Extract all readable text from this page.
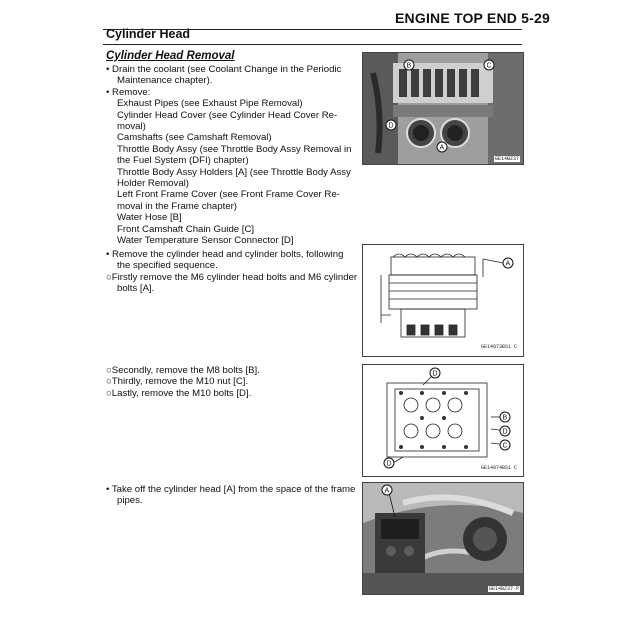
ENGINE TOP END 5-29
Cylinder Head
Cylinder Head Removal
• Drain the coolant (see Coolant Change in the Periodic
Maintenance chapter).
• Remove:
Exhaust Pipes (see Exhaust Pipe Removal)
Cylinder Head Cover (see Cylinder Head Cover Re-
moval)
Camshafts (see Camshaft Removal)
Throttle Body Assy (see Throttle Body Assy Removal in
the Fuel System (DFI) chapter)
Throttle Body Assy Holders [A] (see Throttle Body Assy
Holder Removal)
Left Front Frame Cover (see Front Frame Cover Re-
moval in the Frame chapter)
Water Hose [B]
Front Camshaft Chain Guide [C]
Water Temperature Sensor Connector [D]
• Remove the cylinder head and cylinder bolts, following
the specified sequence.
○Firstly remove the M6 cylinder head bolts and M6 cylinder
bolts [A].
○Secondly, remove the M8 bolts [B].
○Thirdly, remove the M10 nut [C].
○Lastly, remove the M10 bolts [D].
• Take off the cylinder head [A] from the space of the frame
pipes.
B	C
A
D
GE14BZ37
A
GE14073BS1 C
D
B
D
C
D
GE14074BS1 C
A
GE14BZ37 P
